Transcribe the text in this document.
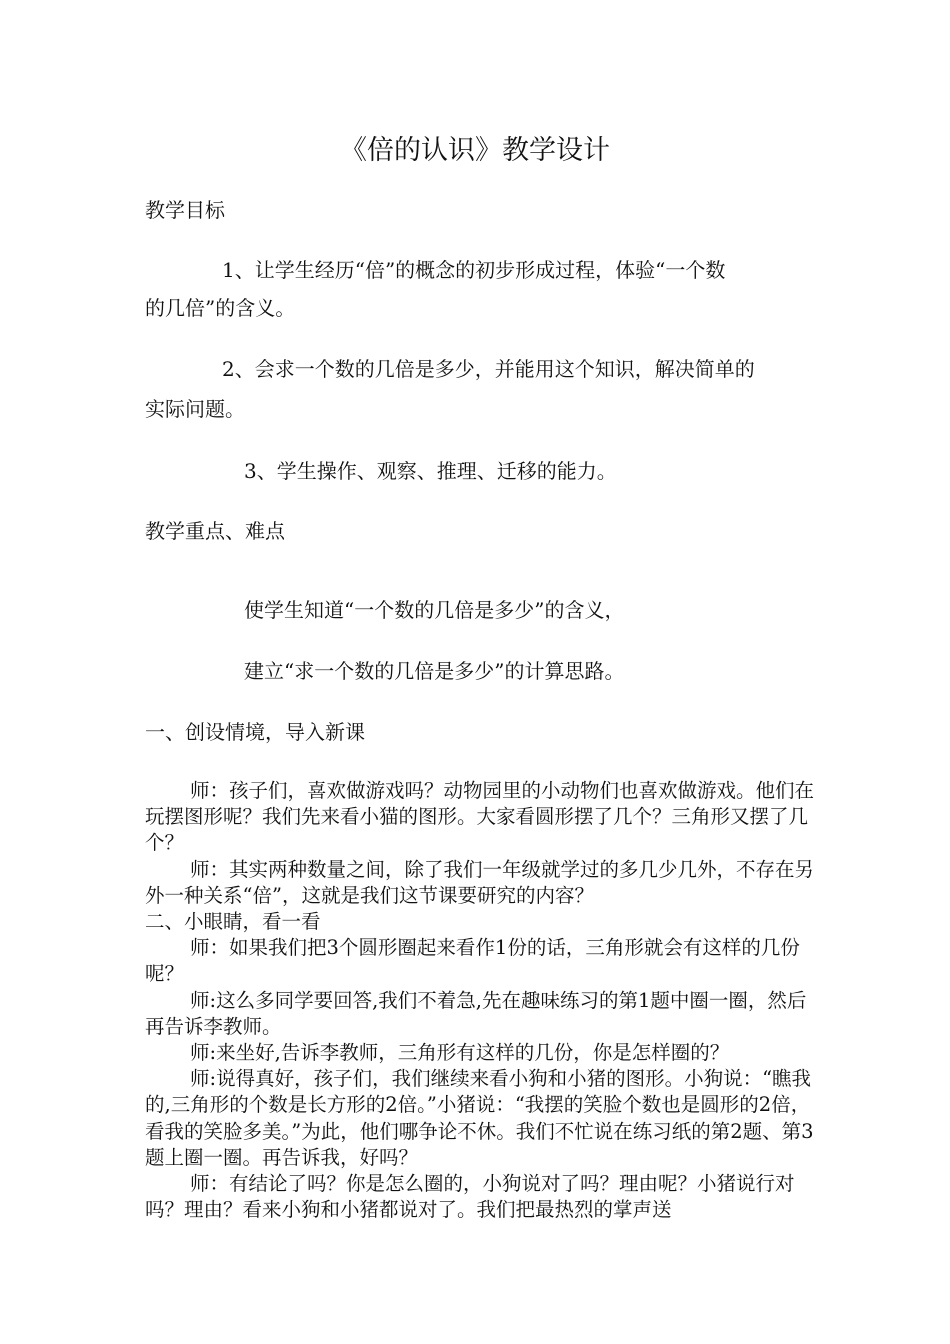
《倍的认识》教学设计
教学目标
1、让学生经历“倍”的概念的初步形成过程，体验“一个数
的几倍”的含义。
2、会求一个数的几倍是多少，并能用这个知识，解决简单的
实际问题。
3、学生操作、观察、推理、迁移的能力。
教学重点、难点
使学生知道“一个数的几倍是多少”的含义，
建立“求一个数的几倍是多少”的计算思路。
一、创设情境，导入新课

师：孩子们，喜欢做游戏吗？动物园里的小动物们也喜欢做游戏。他们在玩摆图形呢？我们先来看小猫的图形。大家看圆形摆了几个？三角形又摆了几个？

师：其实两种数量之间，除了我们一年级就学过的多几少几外，不存在另外一种关系“倍”，这就是我们这节课要研究的内容？

二、小眼睛，看一看

师：如果我们把3个圆形圈起来看作1份的话，三角形就会有这样的几份呢？

师:这么多同学要回答,我们不着急,先在趣味练习的第1题中圈一圈，然后再告诉李教师。

师:来坐好,告诉李教师，三角形有这样的几份，你是怎样圈的？

师:说得真好，孩子们，我们继续来看小狗和小猪的图形。小狗说：“瞧我的,三角形的个数是长方形的2倍。”小猪说：“我摆的笑脸个数也是圆形的2倍，看我的笑脸多美。”为此，他们哪争论不休。我们不忙说在练习纸的第2题、第3题上圈一圈。再告诉我，好吗？

师：有结论了吗？你是怎么圈的，小狗说对了吗？理由呢？小猪说行对吗？理由？看来小狗和小猪都说对了。我们把最热烈的掌声送
